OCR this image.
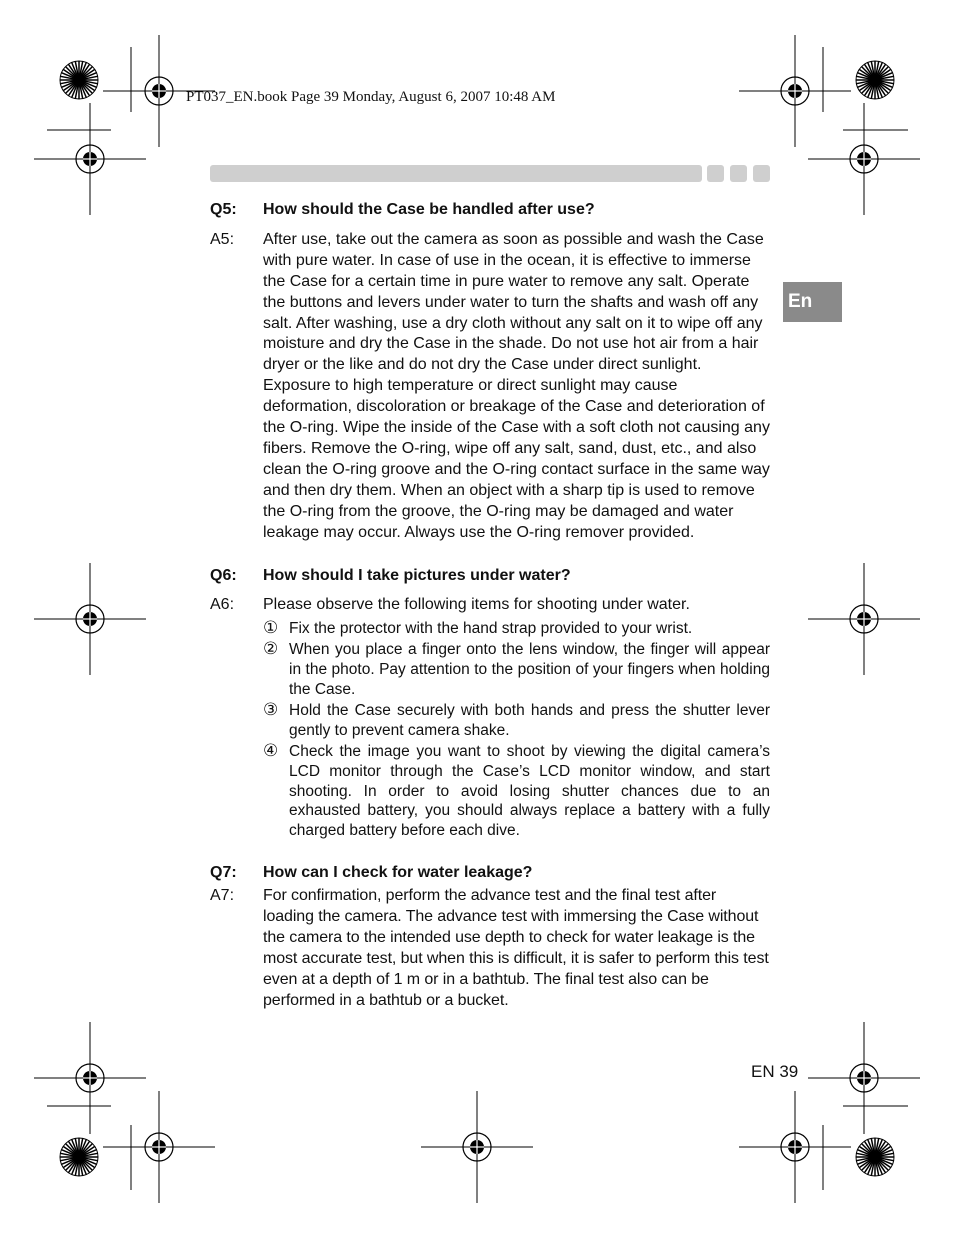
PT037_EN.book Page 39 Monday, August 6, 2007 10:48 AM
En
Q5:	How should the Case be handled after use?
A5:	After use, take out the camera as soon as possible and wash the Case with pure water. In case of use in the ocean, it is effective to immerse the Case for a certain time in pure water to remove any salt. Operate the buttons and levers under water to turn the shafts and wash off any salt. After washing, use a dry cloth without any salt on it to wipe off any moisture and dry the Case in the shade. Do not use hot air from a hair dryer or the like and do not dry the Case under direct sunlight. Exposure to high temperature or direct sunlight may cause deformation, discoloration or breakage of the Case and deterioration of the O-ring. Wipe the inside of the Case with a soft cloth not causing any fibers. Remove the O-ring, wipe off any salt, sand, dust, etc., and also clean the O-ring groove and the O-ring contact surface in the same way and then dry them. When an object with a sharp tip is used to remove the O-ring from the groove, the O-ring may be damaged and water leakage may occur. Always use the O-ring remover provided.
Q6:	How should I take pictures under water?
A6:	Please observe the following items for shooting under water.
① Fix the protector with the hand strap provided to your wrist.
② When you place a finger onto the lens window, the finger will appear in the photo. Pay attention to the position of your fingers when holding the Case.
③ Hold the Case securely with both hands and press the shutter lever gently to prevent camera shake.
④ Check the image you want to shoot by viewing the digital camera’s LCD monitor through the Case’s LCD monitor window, and start shooting. In order to avoid losing shutter chances due to an exhausted battery, you should always replace a battery with a fully charged battery before each dive.
Q7:	How can I check for water leakage?
A7:	For confirmation, perform the advance test and the final test after loading the camera. The advance test with immersing the Case without the camera to the intended use depth to check for water leakage is the most accurate test, but when this is difficult, it is safer to perform this test even at a depth of 1 m or in a bathtub. The final test also can be performed in a bathtub or a bucket.
EN 39
